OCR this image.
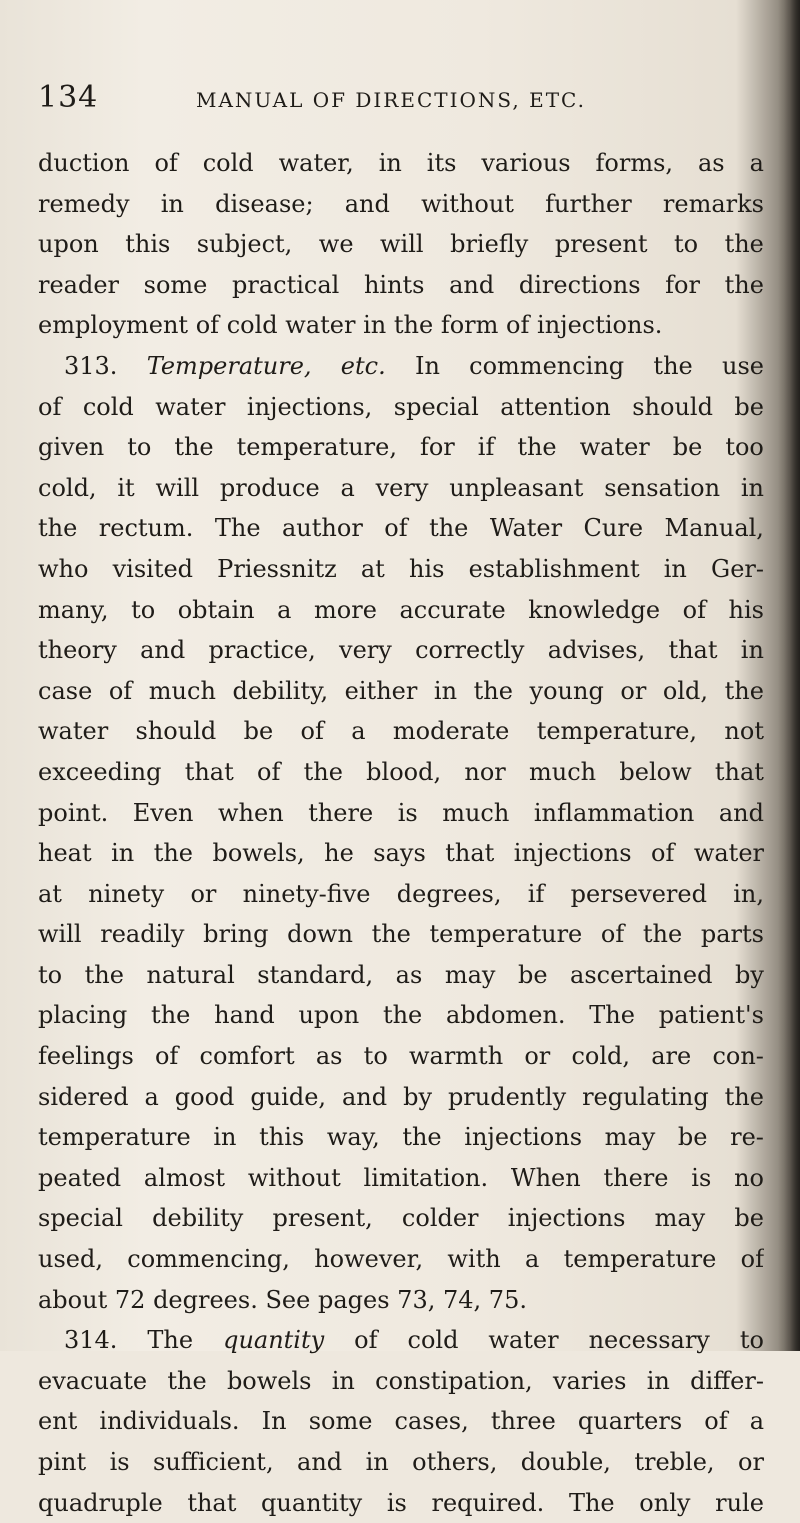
134	MANUAL OF DIRECTIONS, ETC.
duction of cold water, in its various forms, as a
remedy in disease; and without further remarks
upon this subject, we will briefly present to the
reader some practical hints and directions for the
employment
of
cold
water
in
the
form
of
injections.
313. Temperature, etc. In commencing the use
of cold water injections, special attention should be
given to the temperature, for if the water be too
cold, it will produce a very unpleasant sensation in
the rectum. The author of the Water Cure Manual,
who visited Priessnitz at his establishment in Ger-
many, to obtain a more accurate knowledge of his
theory and practice, very correctly advises, that in
case of much debility, either in the young or old, the
water should be of a moderate temperature, not
exceeding that of the blood, nor much below that
point. Even when there is much inflammation and
heat in the bowels, he says that injections of water
at ninety or ninety-five degrees, if persevered in,
will readily bring down the temperature of the parts
to the natural standard, as may be ascertained by
placing the hand upon the abdomen. The patient's
feelings of comfort as to warmth or cold, are con-
sidered a good guide, and by prudently regulating the
temperature in this way, the injections may be re-
peated almost without limitation. When there is no
special debility present, colder injections may be
used, commencing, however, with a temperature of
about
72
degrees.
See
pages
73,
74,
75.
314. The quantity of cold water necessary to
evacuate the bowels in constipation, varies in differ-
ent individuals. In some cases, three quarters of a
pint is sufficient, and in others, double, treble, or
quadruple that quantity is required. The only rule
